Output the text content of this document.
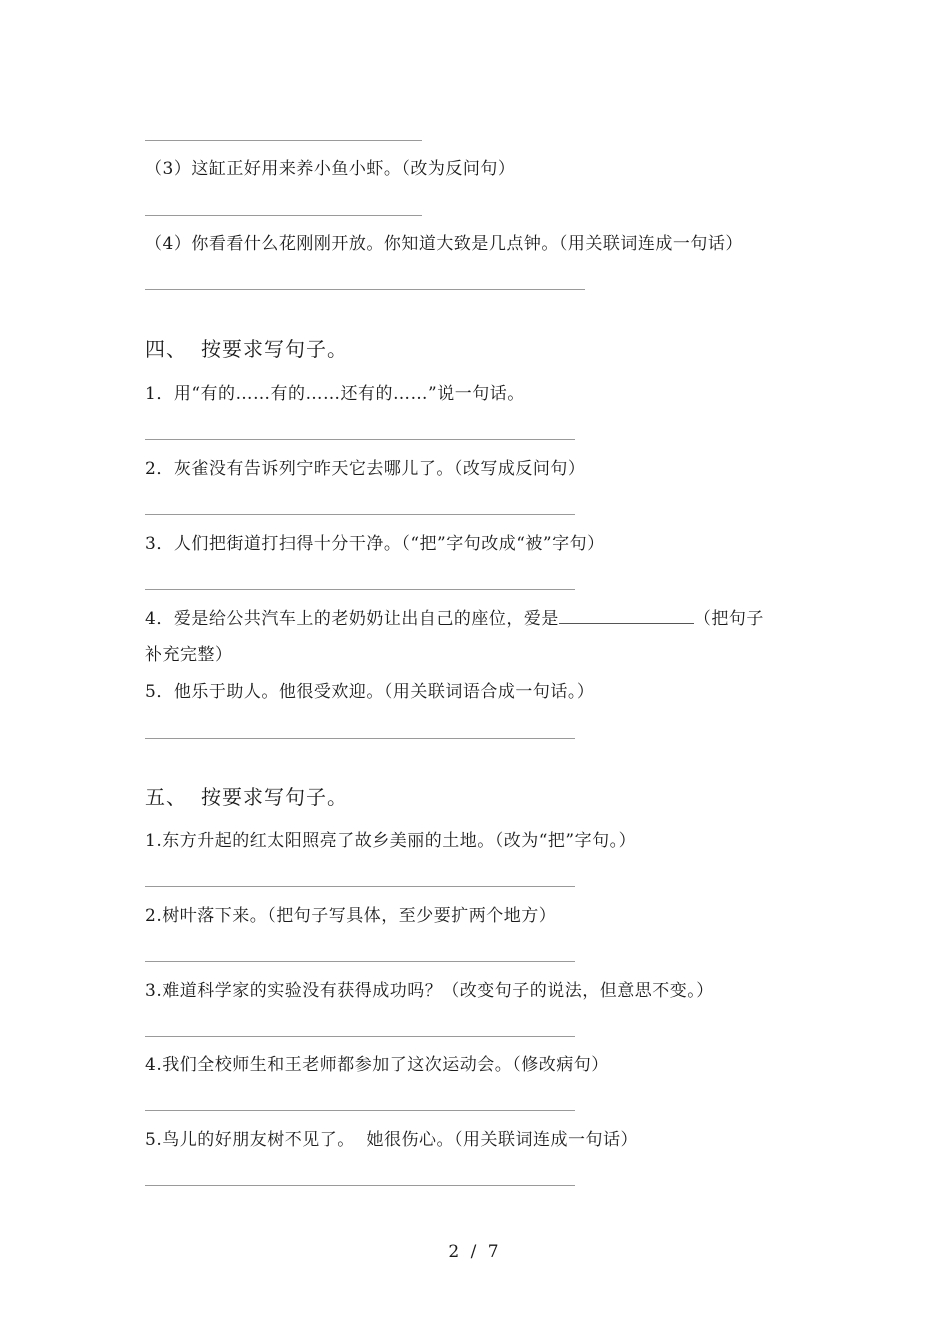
（3）这缸正好用来养小鱼小虾。（改为反问句）
（4）你看看什么花刚刚开放。你知道大致是几点钟。（用关联词连成一句话）
四、 按要求写句子。
1．用“有的……有的……还有的……”说一句话。
2．灰雀没有告诉列宁昨天它去哪儿了。（改写成反问句）
3．人们把街道打扫得十分干净。（“把”字句改成“被”字句）
4．爱是给公共汽车上的老奶奶让出自己的座位，爱是	（把句子
补充完整）
5．他乐于助人。他很受欢迎。（用关联词语合成一句话。）
五、 按要求写句子。
1.东方升起的红太阳照亮了故乡美丽的土地。（改为“把”字句。）
2.树叶落下来。（把句子写具体，至少要扩两个地方）
3.难道科学家的实验没有获得成功吗？（改变句子的说法，但意思不变。）
4.我们全校师生和王老师都参加了这次运动会。（修改病句）
5.鸟儿的好朋友树不见了。  她很伤心。（用关联词连成一句话）
2 / 7
